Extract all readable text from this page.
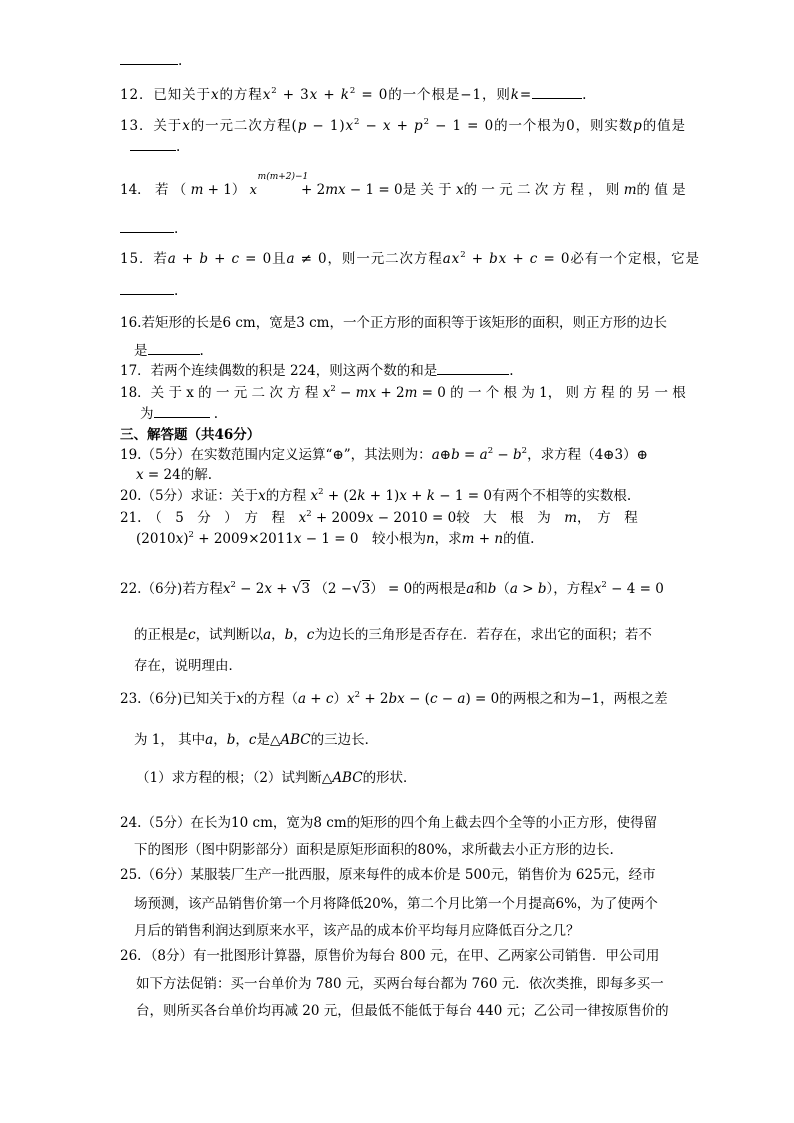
.
12．已知关于x的方程$x^2 + 3x + k^2 = 0$的一个根是−1，则k=	.
13．关于x的一元二次方程$(p - 1)x^2 - x + p^2 - 1 = 0$的一个根为0，则实数p的值是
.
14． 若 （ m + 1） x
m(m+2)−1
+ 2mx − 1 = 0是 关 于 x的 一 元 二 次 方 程 ， 则 m的 值 是
.
15．若a + b + c = 0且a ≠ 0，则一元二次方程$ax^2$ + bx + c = 0必有一个定根，它是
.
16.若矩形的长是6 cm，宽是3 cm，一个正方形的面积等于该矩形的面积，则正方形的边长
是	.
17．若两个连续偶数的积是 224，则这两个数的和是	.
18．关 于 x 的 一 元 二 次 方 程 $x^2$ − mx + 2m = 0 的 一 个 根 为 1， 则 方 程 的 另 一 根
为	.
三、解答题（共46分）
19.（5分）在实数范围内定义运算“⊕”，其法则为：a⊕b = $a^2 - b^2$，求方程（4⊕3）⊕
x = 24的解.
20.（5分）求证：关于x的方程 $x^2 + (2k + 1)x + k - 1 = 0$有两个不相等的实数根.
21.　（　5　分　）　方　程　 $x^2 + 2009x - 2010 = 0$较　大　根　为　 m，　方　程
$(2010x)^2 + 2009\times 2011x - 1 = 0$　较小根为n，求m + n的值.
22.（6分)若方程$x^2 - 2x + √3$ （2 −√3） = 0的两根是a和b（a > b），方程$x^2 - 4 = 0$
的正根是c，试判断以a，b，c为边长的三角形是否存在．若存在，求出它的面积；若不
存在，说明理由．
23.（6分)已知关于x的方程$(a + c)x^2 + 2bx - (c - a) = 0$的两根之和为−1，两根之差
为 1， 其中a，b，c是△ABC的三边长．
（1）求方程的根；（2）试判断△ABC的形状．
24.（5分）在长为10 cm，宽为8 cm的矩形的四个角上截去四个全等的小正方形，使得留
下的图形（图中阴影部分）面积是原矩形面积的80%，求所截去小正方形的边长.
25.（6分）某服装厂生产一批西服，原来每件的成本价是 500元，销售价为 625元，经市
场预测，该产品销售价第一个月将降低20%，第二个月比第一个月提高6%，为了使两个
月后的销售利润达到原来水平，该产品的成本价平均每月应降低百分之几？
26．（8分）有一批图形计算器，原售价为每台 800 元，在甲、乙两家公司销售．甲公司用
如下方法促销：买一台单价为 780 元，买两台每台都为 760 元．依次类推，即每多买一
台，则所买各台单价均再减 20 元，但最低不能低于每台 440 元；乙公司一律按原售价的
